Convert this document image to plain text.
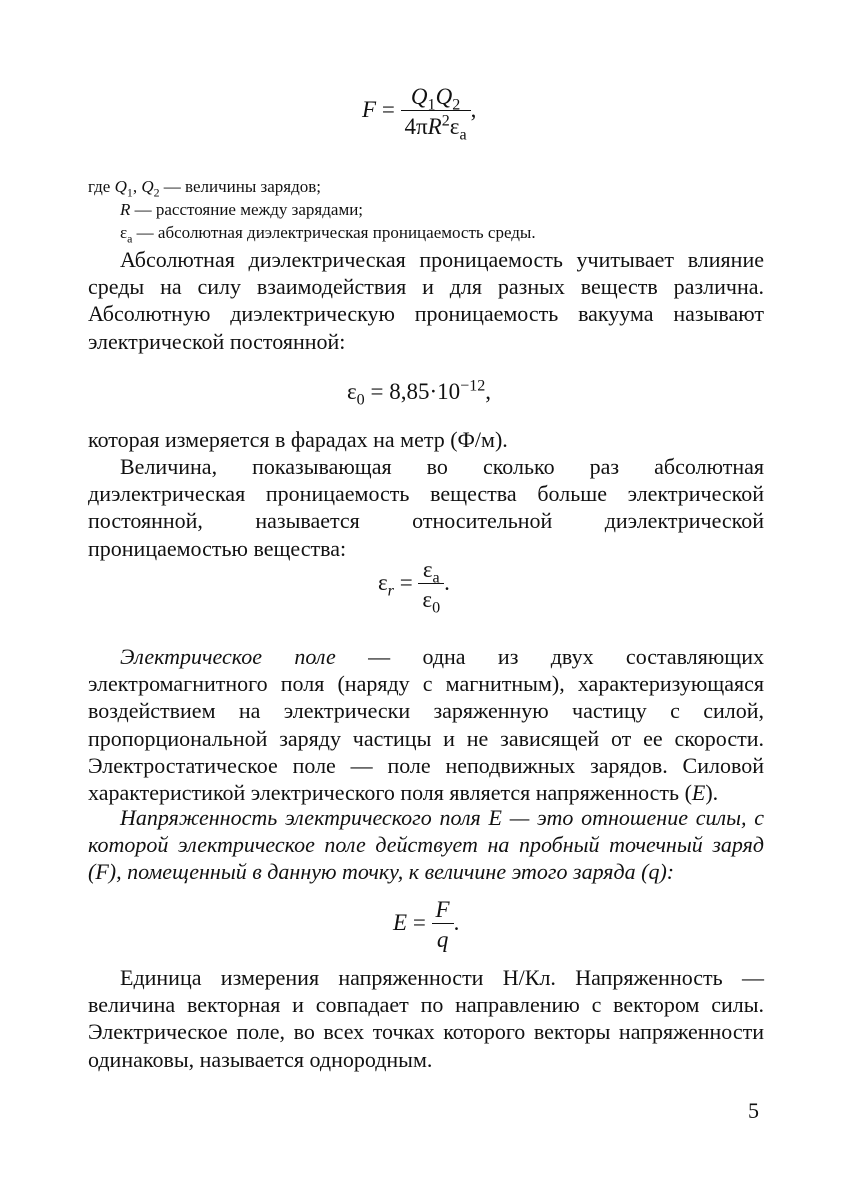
$F = \frac{Q_1Q_2}{4\pi R^2\varepsilon_a}$ ,
где $Q_1$, $Q_2$ — величины зарядов;
R — расстояние между зарядами;
$\varepsilon_а$ — абсолютная диэлектрическая проницаемость среды.

Абсолютная диэлектрическая проницаемость учитывает влияние среды на силу взаимодействия и для разных веществ различна. Абсолютную диэлектрическую проницаемость вакуума называют электрической постоянной:

$\varepsilon_0 = 8,85\cdot 10^{-12}$,

которая измеряется в фарадах на метр (Ф/м).

Величина, показывающая во сколько раз абсолютная диэлектрическая проницаемость вещества больше электрической постоянной, называется относительной диэлектрической проницаемостью вещества:

$\varepsilon_r = \frac{\varepsilon_а}{\varepsilon_0}$ .

Электрическое поле — одна из двух составляющих электромагнитного поля (наряду с магнитным), характеризующаяся воздействием на электрически заряженную частицу с силой, пропорциональной заряду частицы и не зависящей от ее скорости. Электростатическое поле — поле неподвижных зарядов. Силовой характеристикой электрического поля является напряженность (E).

Напряженность электрического поля E — это отношение силы, с которой электрическое поле действует на пробный точечный заряд (F), помещенный в данную точку, к величине этого заряда (q):

$E = \frac{F}{q}$ .

Единица измерения напряженности Н/Кл. Напряженность — величина векторная и совпадает по направлению с вектором силы. Электрическое поле, во всех точках которого векторы напряженности одинаковы, называется однородным.

5
